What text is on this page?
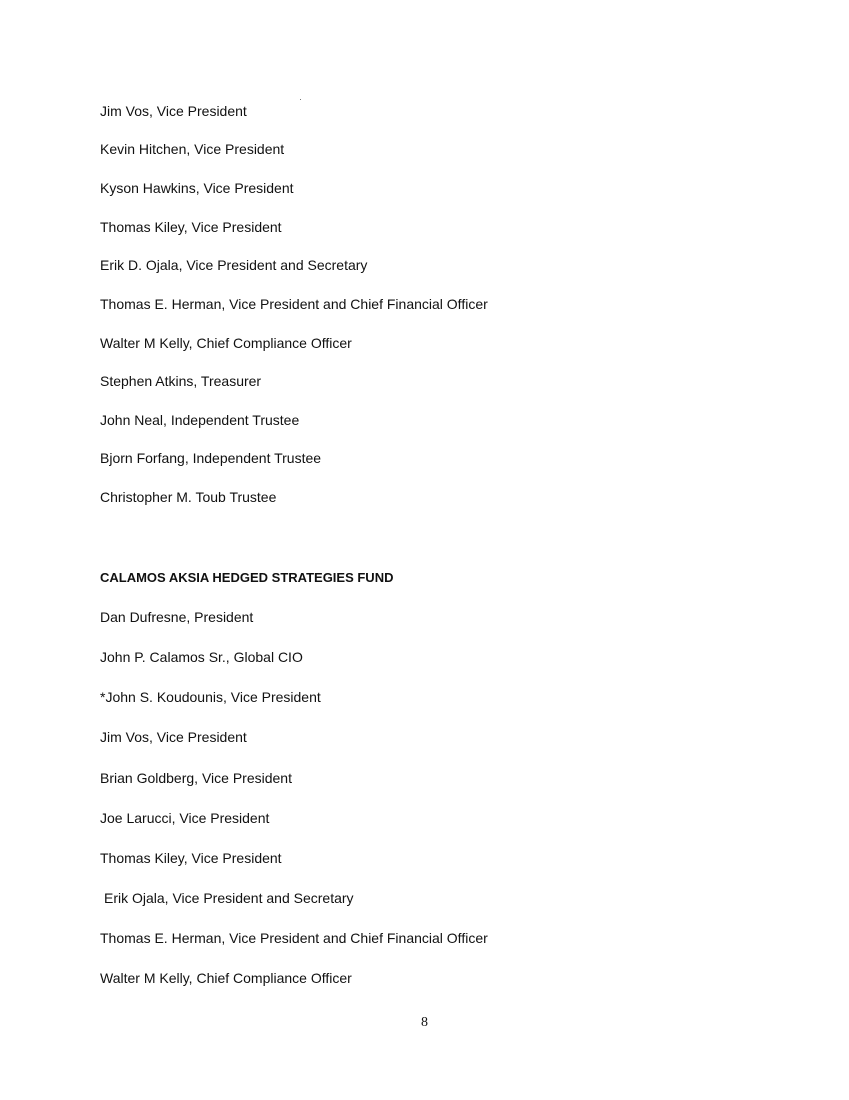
Jim Vos, Vice President
Kevin Hitchen, Vice President
Kyson Hawkins, Vice President
Thomas Kiley, Vice President
Erik D. Ojala, Vice President and Secretary
Thomas E. Herman, Vice President and Chief Financial Officer
Walter M Kelly, Chief Compliance Officer
Stephen Atkins, Treasurer
John Neal, Independent Trustee
Bjorn Forfang, Independent Trustee
Christopher M. Toub Trustee
CALAMOS AKSIA HEDGED STRATEGIES FUND
Dan Dufresne, President
John P. Calamos Sr., Global CIO
*John S. Koudounis, Vice President
Jim Vos, Vice President
Brian Goldberg, Vice President
Joe Larucci, Vice President
Thomas Kiley, Vice President
Erik Ojala, Vice President and Secretary
Thomas E. Herman, Vice President and Chief Financial Officer
Walter M Kelly, Chief Compliance Officer
8
